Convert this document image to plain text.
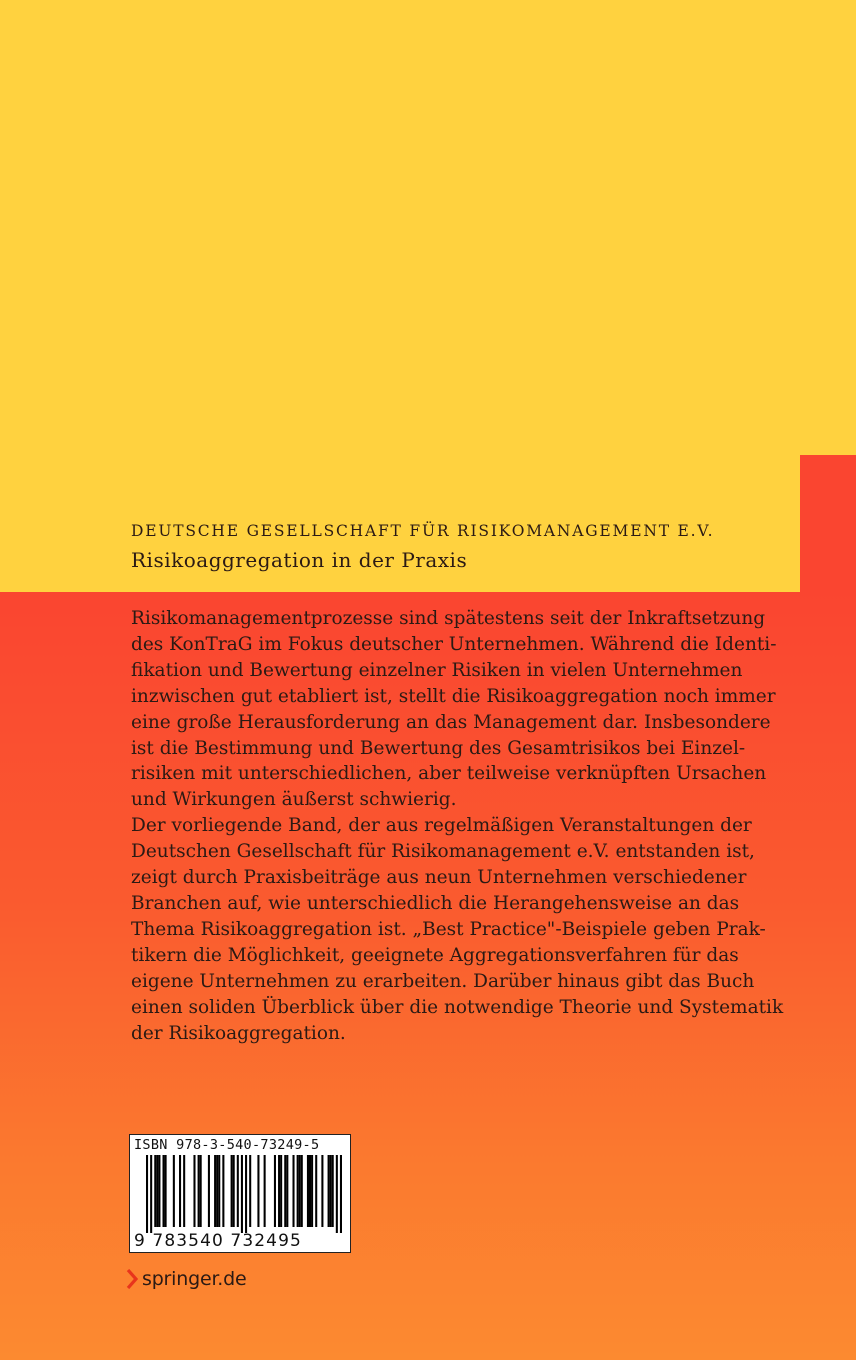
DEUTSCHE GESELLSCHAFT FÜR RISIKOMANAGEMENT E.V.
Risikoaggregation in der Praxis
Risikomanagementprozesse sind spätestens seit der Inkraftsetzung
des KonTraG im Fokus deutscher Unternehmen. Während die Identi-
fikation und Bewertung einzelner Risiken in vielen Unternehmen
inzwischen gut etabliert ist, stellt die Risikoaggregation noch immer
eine große Herausforderung an das Management dar. Insbesondere
ist die Bestimmung und Bewertung des Gesamtrisikos bei Einzel-
risiken mit unterschiedlichen, aber teilweise verknüpften Ursachen
und Wirkungen äußerst schwierig.
Der vorliegende Band, der aus regelmäßigen Veranstaltungen der
Deutschen Gesellschaft für Risikomanagement e.V. entstanden ist,
zeigt durch Praxisbeiträge aus neun Unternehmen verschiedener
Branchen auf, wie unterschiedlich die Herangehensweise an das
Thema Risikoaggregation ist. „Best Practice"-Beispiele geben Prak-
tikern die Möglichkeit, geeignete Aggregationsverfahren für das
eigene Unternehmen zu erarbeiten. Darüber hinaus gibt das Buch
einen soliden Überblick über die notwendige Theorie und Systematik
der Risikoaggregation.
ISBN 978-3-540-73249-5
9 783540 732495
springer.de
